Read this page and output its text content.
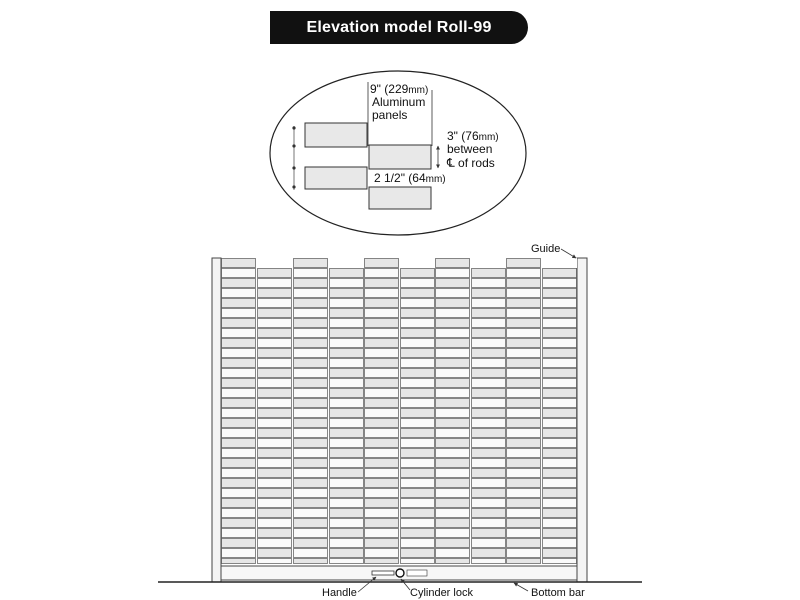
Elevation model Roll-99
9" (229mm)
Aluminum
panels
3" (76mm)
between
℄ of rods
2 1/2" (64mm)
Guide
Handle	Cylinder lock	Bottom bar
